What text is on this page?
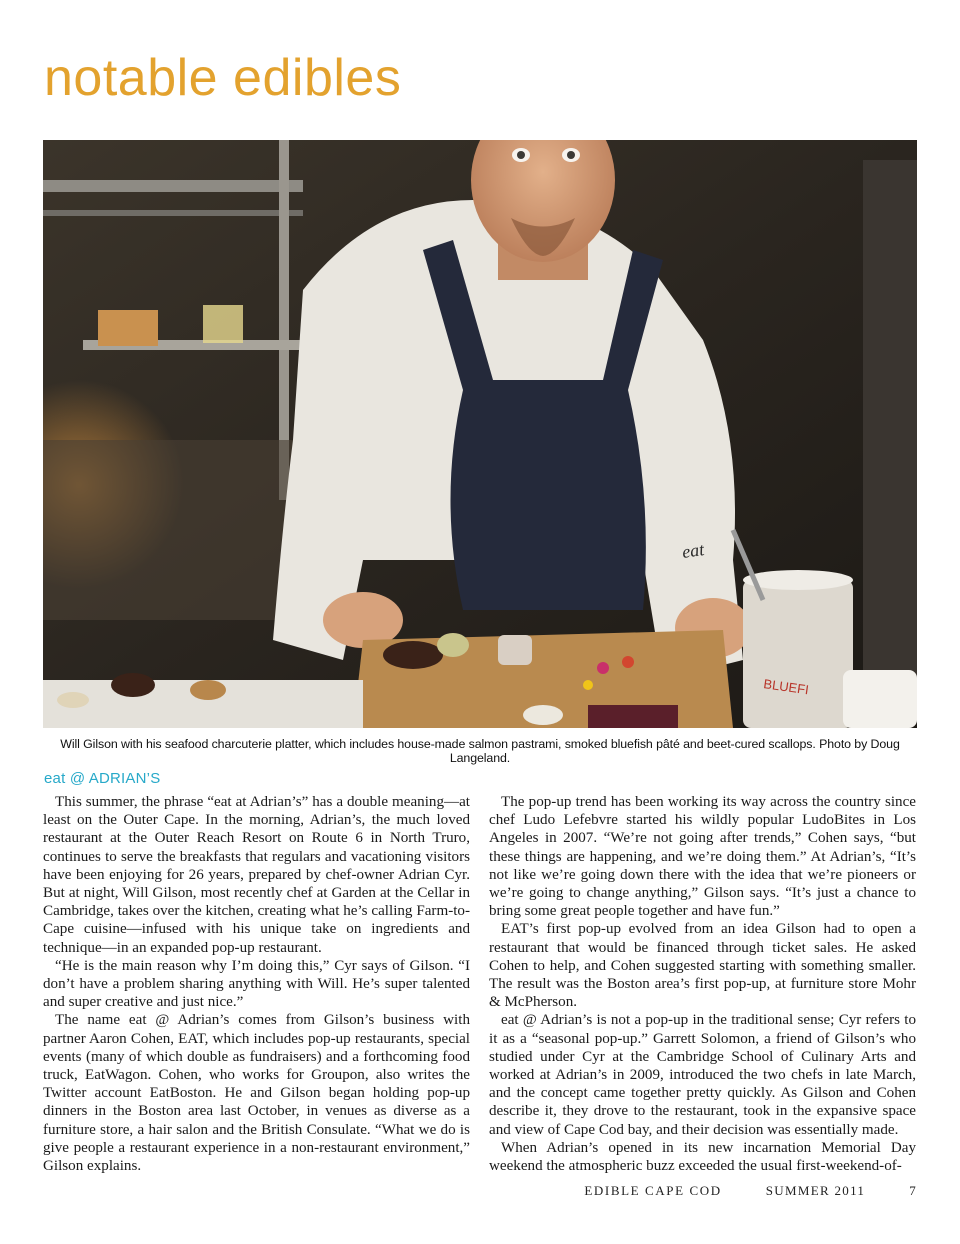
notable edibles
eat
BLUEFI
Will Gilson with his seafood charcuterie platter, which includes house-made salmon pastrami, smoked bluefish pâté and beet-cured scallops. Photo by Doug Langeland.
eat @ ADRIAN’S

This summer, the phrase “eat at Adrian’s” has a double meaning—at least on the Outer Cape. In the morning, Adrian’s, the much loved restaurant at the Outer Reach Resort on Route 6 in North Truro, continues to serve the breakfasts that regulars and vacationing visitors have been enjoying for 26 years, prepared by chef-owner Adrian Cyr. But at night, Will Gilson, most recently chef at Garden at the Cellar in Cambridge, takes over the kitchen, creating what he’s calling Farm-to-Cape cuisine—infused with his unique take on ingredients and technique—in an expanded pop-up restaurant.

“He is the main reason why I’m doing this,” Cyr says of Gilson. “I don’t have a problem sharing anything with Will. He’s super talented and super creative and just nice.”

The name eat @ Adrian’s comes from Gilson’s business with partner Aaron Cohen, EAT, which includes pop-up restaurants, special events (many of which double as fundraisers) and a forthcoming food truck, EatWagon. Cohen, who works for Groupon, also writes the Twitter account EatBoston. He and Gilson began holding pop-up dinners in the Boston area last October, in venues as diverse as a furniture store, a hair salon and the British Consulate. “What we do is give people a restaurant experience in a non-restaurant environment,” Gilson explains.

The pop-up trend has been working its way across the country since chef Ludo Lefebvre started his wildly popular LudoBites in Los Angeles in 2007. “We’re not going after trends,” Cohen says, “but these things are happening, and we’re doing them.” At Adrian’s, “It’s not like we’re going down there with the idea that we’re pioneers or we’re going to change anything,” Gilson says. “It’s just a chance to bring some great people together and have fun.”

EAT’s first pop-up evolved from an idea Gilson had to open a restaurant that would be financed through ticket sales. He asked Cohen to help, and Cohen suggested starting with something smaller. The result was the Boston area’s first pop-up, at furniture store Mohr & McPherson.

eat @ Adrian’s is not a pop-up in the traditional sense; Cyr refers to it as a “seasonal pop-up.” Garrett Solomon, a friend of Gilson’s who studied under Cyr at the Cambridge School of Culinary Arts and worked at Adrian’s in 2009, introduced the two chefs in late March, and the concept came together pretty quickly. As Gilson and Cohen describe it, they drove to the restaurant, took in the expansive space and view of Cape Cod bay, and their decision was essentially made.

When Adrian’s opened in its new incarnation Memorial Day weekend the atmospheric buzz exceeded the usual first-weekend-of-

EDIBLE CAPE COD	SUMMER 2011	7
